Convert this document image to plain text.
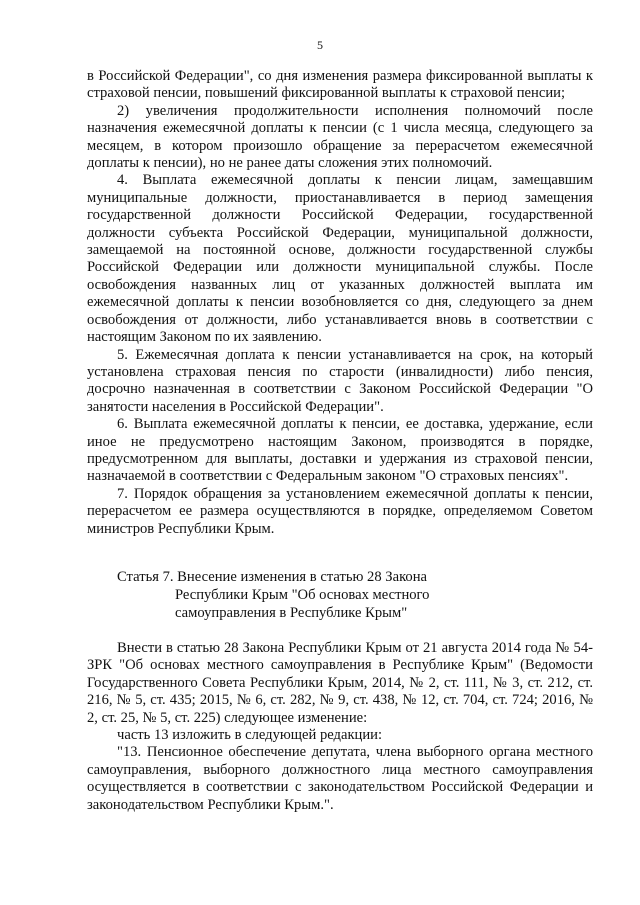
5

в Российской Федерации", со дня изменения размера фиксированной выплаты к страховой пенсии, повышений фиксированной выплаты к страховой пенсии;

2) увеличения продолжительности исполнения полномочий после назначения ежемесячной доплаты к пенсии (с 1 числа месяца, следующего за месяцем, в котором произошло обращение за перерасчетом ежемесячной доплаты к пенсии), но не ранее даты сложения этих полномочий.

4. Выплата ежемесячной доплаты к пенсии лицам, замещавшим муниципальные должности, приостанавливается в период замещения государственной должности Российской Федерации, государственной должности субъекта Российской Федерации, муниципальной должности, замещаемой на постоянной основе, должности государственной службы Российской Федерации или должности муниципальной службы. После освобождения названных лиц от указанных должностей выплата им ежемесячной доплаты к пенсии возобновляется со дня, следующего за днем освобождения от должности, либо устанавливается вновь в соответствии с настоящим Законом по их заявлению.

5. Ежемесячная доплата к пенсии устанавливается на срок, на который установлена страховая пенсия по старости (инвалидности) либо пенсия, досрочно назначенная в соответствии с Законом Российской Федерации "О занятости населения в Российской Федерации".

6. Выплата ежемесячной доплаты к пенсии, ее доставка, удержание, если иное не предусмотрено настоящим Законом, производятся в порядке, предусмотренном для выплаты, доставки и удержания из страховой пенсии, назначаемой в соответствии с Федеральным законом "О страховых пенсиях".

7. Порядок обращения за установлением ежемесячной доплаты к пенсии, перерасчетом ее размера осуществляются в порядке, определяемом Советом министров Республики Крым.

Статья 7. Внесение изменения в статью 28 Закона
Республики Крым "Об основах местного
самоуправления в Республике Крым"

Внести в статью 28 Закона Республики Крым от 21 августа 2014 года № 54-ЗРК "Об основах местного самоуправления в Республике Крым" (Ведомости Государственного Совета Республики Крым, 2014, № 2, ст. 111, № 3, ст. 212, ст. 216, № 5, ст. 435; 2015, № 6, ст. 282, № 9, ст. 438, № 12, ст. 704, ст. 724; 2016, № 2, ст. 25, № 5, ст. 225) следующее изменение:

часть 13 изложить в следующей редакции:

"13. Пенсионное обеспечение депутата, члена выборного органа местного самоуправления, выборного должностного лица местного самоуправления осуществляется в соответствии с законодательством Российской Федерации и законодательством Республики Крым.".
